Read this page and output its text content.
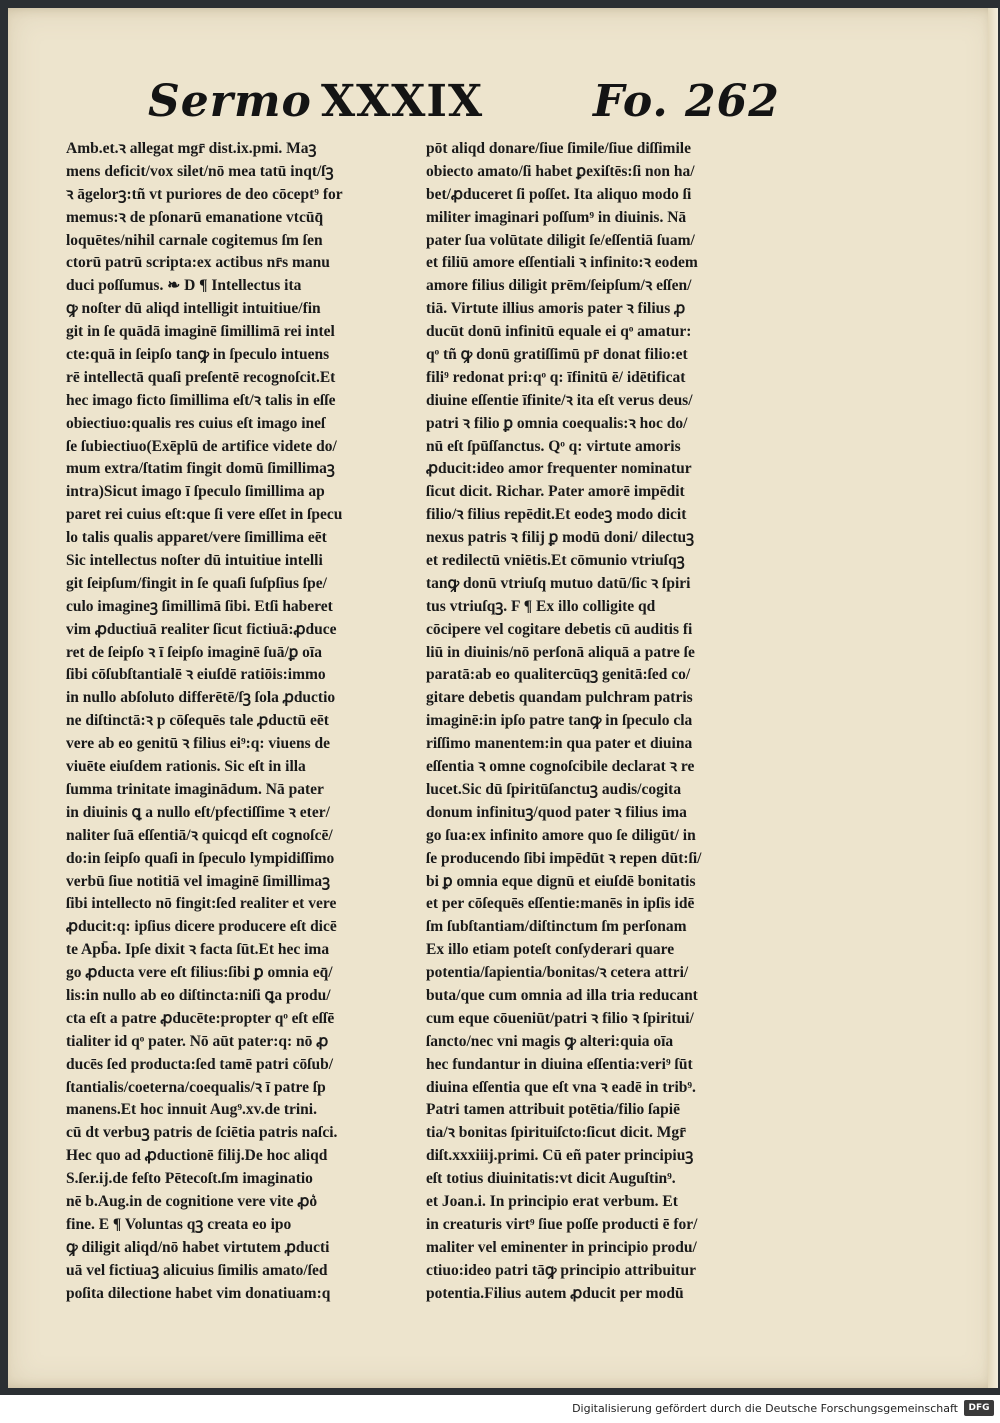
Sermo XXXIX Fo. 262
Amb.et.ꝛ allegat mgr̄ dist.ix.pmi. Maꝫ
mens deficit/vox silet/nō mea tatū inqt/ſꝫ
ꝛ āgelorꝫ:tñ vt puriores de deo cōcept⁹ for
memus:ꝛ de pſonarū emanatione vtcūq̄
loquētes/nihil carnale cogitemus ſm ſen
ctorū patrū scripta:ex actibus nr̄s manu
duci poſſumus. ❧ D ¶ Intellectus ita
ꝙ noſter dū aliqd intelligit intuitiue/fin
git in ſe quādā imaginē ſimillimā rei intel
cte:quā in ſeipſo tanꝙ in ſpeculo intuens
rē intellectā quaſi preſentē recognoſcit.Et
hec imago ficto ſimillima eſt/ꝛ talis in eſſe
obiectiuo:qualis res cuius eſt imago ineſ
ſe ſubiectiuo(Exēplū de artifice videte do/
mum extra/ſtatim fingit domū ſimillimaꝫ
intra)Sicut imago ī ſpeculo ſimillima ap
paret rei cuius eſt:que ſi vere eſſet in ſpecu
lo talis qualis apparet/vere ſimillima eēt
Sic intellectus noſter dū intuitiue intelli
git ſeipſum/fingit in ſe quaſi ſuſpſius ſpe/
culo imagineꝫ ſimillimā ſibi. Etſi haberet
vim ꝓductiuā realiter ſicut fictiuā:ꝓduce
ret de ſeipſo ꝛ ī ſeipſo imaginē ſuā/ꝑ oīa
ſibi cōſubſtantialē ꝛ eiuſdē ratiōis:immo
in nullo abſoluto differētē/ſꝫ ſola ꝓductio
ne diſtinctā:ꝛ p cōſequēs tale ꝓductū eēt
vere ab eo genitū ꝛ filius ei⁹:q: viuens de
viuēte eiuſdem rationis. Sic eſt in illa
ſumma trinitate imaginādum. Nā pater
in diuinis ꝗ a nullo eſt/pfectiſſime ꝛ eter/
naliter ſuā eſſentiā/ꝛ quicqd eſt cognoſcē/
do:in ſeipſo quaſi in ſpeculo lympidiſſimo
verbū ſiue notitiā vel imaginē ſimillimaꝫ
ſibi intellecto nō fingit:ſed realiter et vere
ꝓducit:q: ipſius dicere producere eſt dicē
te Apb̄a. Ipſe dixit ꝛ facta ſūt.Et hec ima
go ꝓducta vere eſt filius:ſibi ꝑ omnia eq̄/
lis:in nullo ab eo diſtincta:niſi ꝗa produ/
cta eſt a patre ꝓducēte:propter qͦ eſt eſſē
tialiter id qͦ pater. Nō aūt pater:q: nō ꝓ
ducēs ſed producta:ſed tamē patri cōſub/
ſtantialis/coeterna/coequalis/ꝛ ī patre ſp
manens.Et hoc innuit Aug⁹.xv.de trini.
cū dt verbuꝫ patris de ſciētia patris naſci.
Hec quo ad ꝓductionē filij.De hoc aliqd
S.ſer.ij.de feſto Pētecoſt.ſm imaginatio
nē b.Aug.in de cognitione vere vite ꝓo͛
fine. E ¶ Voluntas qꝫ creata eo ipo
ꝙ diligit aliqd/nō habet virtutem ꝓducti
uā vel fictiuaꝫ alicuius ſimilis amato/ſed
poſita dilectione habet vim donatiuam:q
pōt aliqd donare/ſiue ſimile/ſiue diſſimile
obiecto amato/ſi habet ꝑexiſtēs:ſi non ha/
bet/ꝓduceret ſi poſſet. Ita aliquo modo ſi
militer imaginari poſſum⁹ in diuinis. Nā
pater ſua volūtate diligit ſe/eſſentiā ſuam/
et filiū amore eſſentiali ꝛ infinito:ꝛ eodem
amore filius diligit prēm/ſeipſum/ꝛ eſſen/
tiā. Virtute illius amoris pater ꝛ filius ꝓ
ducūt donū infinitū equale ei qͦ amatur:
qͦ tñ ꝙ donū gratiſſimū pr̄ donat filio:et
fili⁹ redonat pri:qͦ q: īfinitū ē/ idētificat
diuine eſſentie īfinite/ꝛ ita eſt verus deus/
patri ꝛ filio ꝑ omnia coequalis:ꝛ hoc do/
nū eſt ſpūſſanctus. Qͦ q: virtute amoris
ꝓducit:ideo amor frequenter nominatur
ſicut dicit. Richar. Pater amorē impēdit
filio/ꝛ filius repēdit.Et eodeꝫ modo dicit
nexus patris ꝛ filij ꝑ modū doni/ dilectuꝫ
et redilectū vniētis.Et cōmunio vtriuſqꝫ
tanꝙ donū vtriuſq mutuo datū/ſic ꝛ ſpiri
tus vtriuſqꝫ. F ¶ Ex illo colligite qd
cōcipere vel cogitare debetis cū auditis fi
liū in diuinis/nō perſonā aliquā a patre ſe
paratā:ab eo qualitercūqꝫ genitā:ſed co/
gitare debetis quandam pulchram patris
imaginē:in ipſo patre tanꝙ in ſpeculo cla
riſſimo manentem:in qua pater et diuina
eſſentia ꝛ omne cognoſcibile declarat ꝛ re
lucet.Sic dū ſpiritūſanctuꝫ audis/cogita
donum infinituꝫ/quod pater ꝛ filius ima
go ſua:ex infinito amore quo ſe diligūt/ in
ſe producendo ſibi impēdūt ꝛ repen dūt:ſi/
bi ꝑ omnia eque dignū et eiuſdē bonitatis
et per cōſequēs eſſentie:manēs in ipſis idē
ſm ſubſtantiam/diſtinctum ſm perſonam
Ex illo etiam poteſt conſyderari quare
potentia/ſapientia/bonitas/ꝛ cetera attri/
buta/que cum omnia ad illa tria reducant
cum eque cōueniūt/patri ꝛ filio ꝛ ſpiritui/
ſancto/nec vni magis ꝙ alteri:quia oīa
hec fundantur in diuina eſſentia:veri⁹ ſūt
diuina eſſentia que eſt vna ꝛ eadē in trib⁹.
Patri tamen attribuit potētia/filio ſapiē
tia/ꝛ bonitas ſpirituiſcto:ſicut dicit. Mgr̄
diſt.xxxiiij.primi. Cū eñ pater principiuꝫ
eſt totius diuinitatis:vt dicit Auguſtin⁹.
et Joan.i. In principio erat verbum. Et
in creaturis virt⁹ ſiue poſſe producti ē for/
maliter vel eminenter in principio produ/
ctiuo:ideo patri tāꝙ principio attribuitur
potentia.Filius autem ꝓducit per modū
Digitalisierung gefördert durch die Deutsche Forschungsgemeinschaft	DFG
